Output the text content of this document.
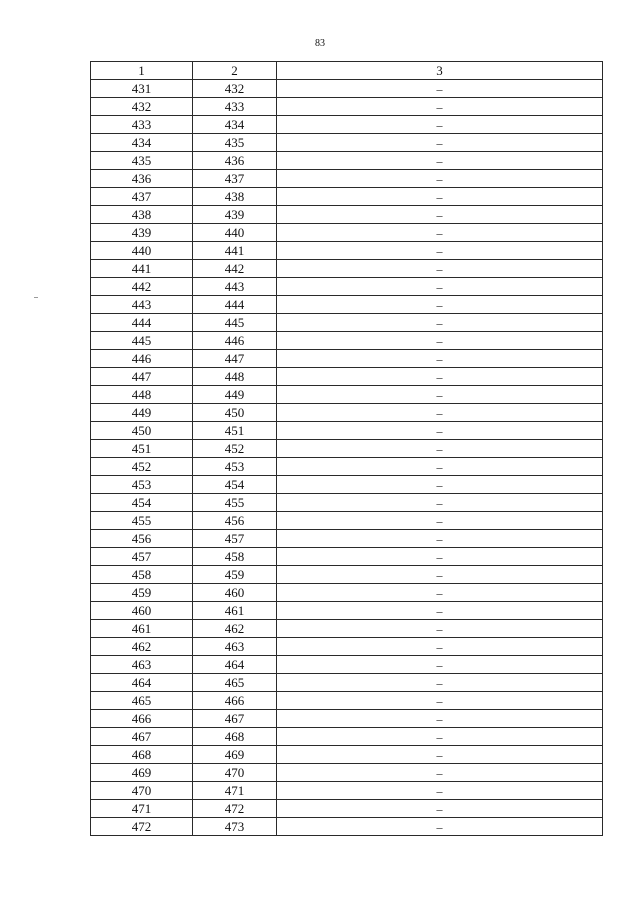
83
1	2	3
431	432	–
432	433	–
433	434	–
434	435	–
435	436	–
436	437	–
437	438	–
438	439	–
439	440	–
440	441	–
441	442	–
442	443	–
443	444	–
444	445	–
445	446	–
446	447	–
447	448	–
448	449	–
449	450	–
450	451	–
451	452	–
452	453	–
453	454	–
454	455	–
455	456	–
456	457	–
457	458	–
458	459	–
459	460	–
460	461	–
461	462	–
462	463	–
463	464	–
464	465	–
465	466	–
466	467	–
467	468	–
468	469	–
469	470	–
470	471	–
471	472	–
472	473	–
